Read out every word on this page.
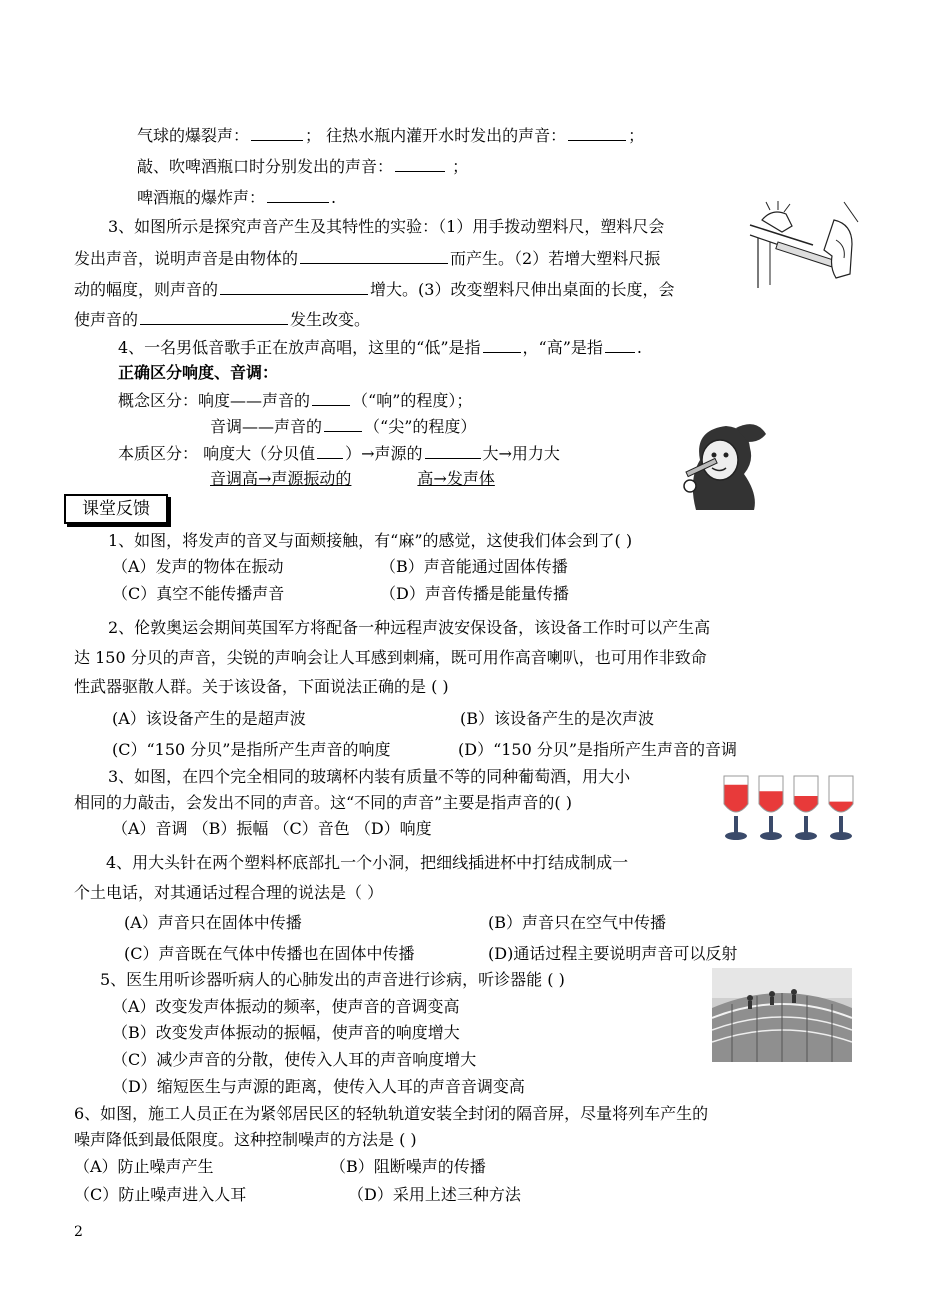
气球的爆裂声：	； 往热水瓶内灌开水时发出的声音：	；
敲、吹啤酒瓶口时分别发出的声音：	；
啤酒瓶的爆炸声：	.
3、如图所示是探究声音产生及其特性的实验：（1）用手拨动塑料尺，塑料尺会
发出声音，说明声音是由物体的	而产生。（2）若增大塑料尺振
动的幅度，则声音的	增大。(3）改变塑料尺伸出桌面的长度，会
使声音的	发生改变。
4、一名男低音歌手正在放声高唱，这里的“低”是指	，“高”是指 .
正确区分响度、音调：
概念区分：响度——声音的	（“响”的程度）；
音调——声音的	（“尖”的程度）
本质区分： 响度大（分贝值 ）→声源的	大→用力大
音调高→声源振动的	高→发声体
课堂反馈
1、如图，将发声的音叉与面颊接触，有“麻”的感觉，这使我们体会到了( )
（A）发声的物体在振动	（B）声音能通过固体传播
（C）真空不能传播声音	（D）声音传播是能量传播
2、伦敦奥运会期间英国军方将配备一种远程声波安保设备，该设备工作时可以产生高
达 150 分贝的声音，尖锐的声响会让人耳感到刺痛，既可用作高音喇叭，也可用作非致命
性武器驱散人群。关于该设备，下面说法正确的是 ( )
(A）该设备产生的是超声波	(B）该设备产生的是次声波
(C）“150 分贝”是指所产生声音的响度	(D）“150 分贝”是指所产生声音的音调
3、如图，在四个完全相同的玻璃杯内装有质量不等的同种葡萄酒，用大小
相同的力敲击，会发出不同的声音。这“不同的声音”主要是指声音的( )
（A）音调 （B）振幅 （C）音色 （D）响度
4、用大头针在两个塑料杯底部扎一个小洞，把细线插进杯中打结成制成一
个土电话，对其通话过程合理的说法是（ ）
(A）声音只在固体中传播	(B）声音只在空气中传播
(C）声音既在气体中传播也在固体中传播	(D)通话过程主要说明声音可以反射
5、医生用听诊器听病人的心肺发出的声音进行诊病，听诊器能 ( )
（A）改变发声体振动的频率，使声音的音调变高
（B）改变发声体振动的振幅，使声音的响度增大
（C）减少声音的分散，使传入人耳的声音响度增大
（D）缩短医生与声源的距离，使传入人耳的声音音调变高
6、如图，施工人员正在为紧邻居民区的轻轨轨道安装全封闭的隔音屏，尽量将列车产生的
噪声降低到最低限度。这种控制噪声的方法是 ( )
（A）防止噪声产生	（B）阻断噪声的传播
（C）防止噪声进入人耳	（D）采用上述三种方法
2
